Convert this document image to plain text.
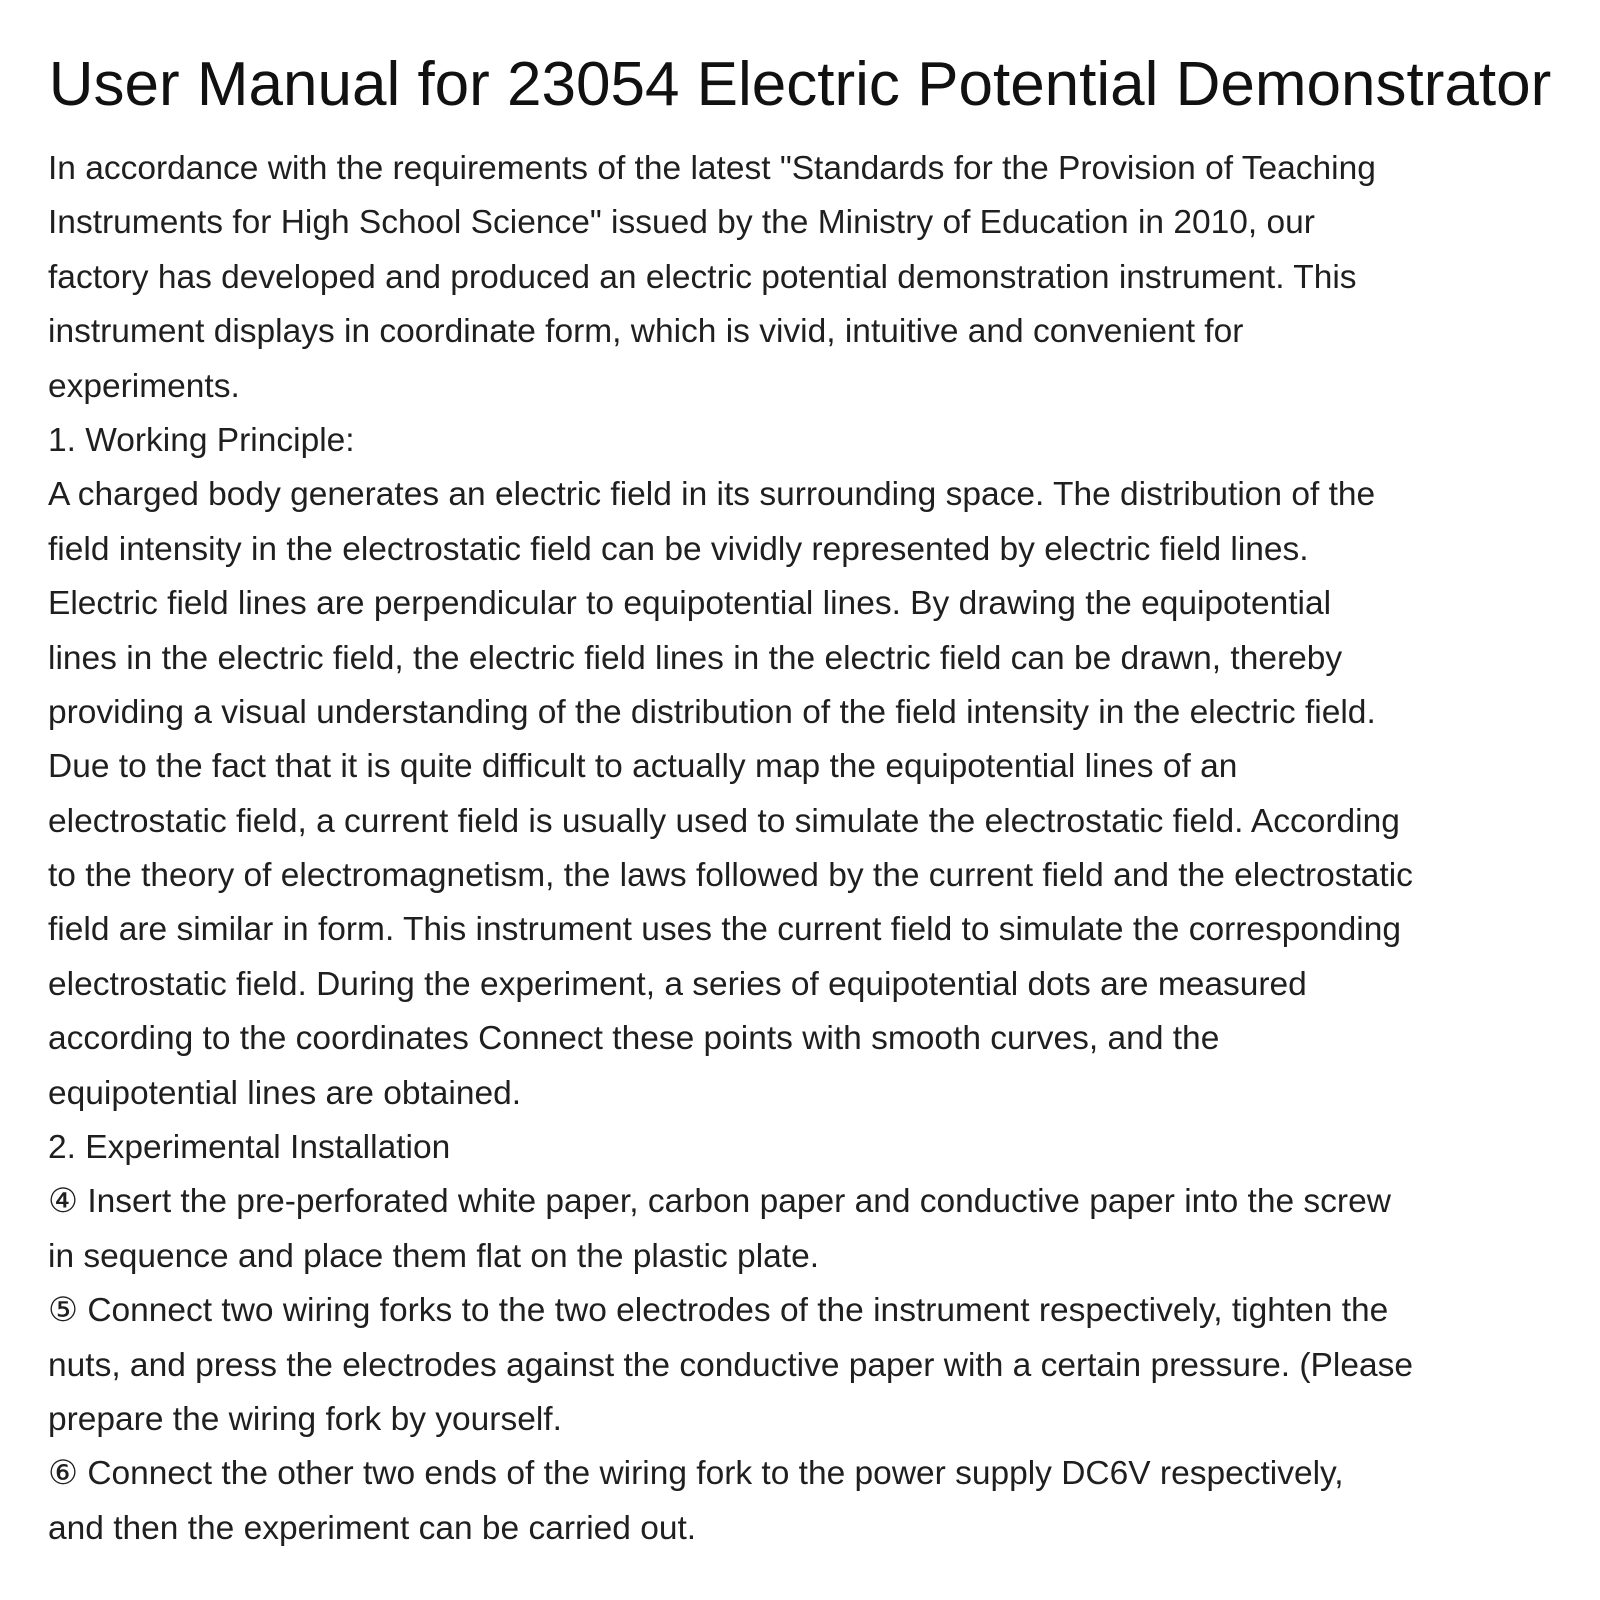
User Manual for 23054 Electric Potential Demonstrator
In accordance with the requirements of the latest "Standards for the Provision of Teaching
Instruments for High School Science" issued by the Ministry of Education in 2010, our
factory has developed and produced an electric potential demonstration instrument. This
instrument displays in coordinate form, which is vivid, intuitive and convenient for
experiments.
1. Working Principle:
A charged body generates an electric field in its surrounding space. The distribution of the
field intensity in the electrostatic field can be vividly represented by electric field lines.
Electric field lines are perpendicular to equipotential lines. By drawing the equipotential
lines in the electric field, the electric field lines in the electric field can be drawn, thereby
providing a visual understanding of the distribution of the field intensity in the electric field.
Due to the fact that it is quite difficult to actually map the equipotential lines of an
electrostatic field, a current field is usually used to simulate the electrostatic field. According
to the theory of electromagnetism, the laws followed by the current field and the electrostatic
field are similar in form. This instrument uses the current field to simulate the corresponding
electrostatic field. During the experiment, a series of equipotential dots are measured
according to the coordinates Connect these points with smooth curves, and the
equipotential lines are obtained.
2. Experimental Installation
④ Insert the pre-perforated white paper, carbon paper and conductive paper into the screw
in sequence and place them flat on the plastic plate.
⑤ Connect two wiring forks to the two electrodes of the instrument respectively, tighten the
nuts, and press the electrodes against the conductive paper with a certain pressure. (Please
prepare the wiring fork by yourself.
⑥ Connect the other two ends of the wiring fork to the power supply DC6V respectively,
and then the experiment can be carried out.
